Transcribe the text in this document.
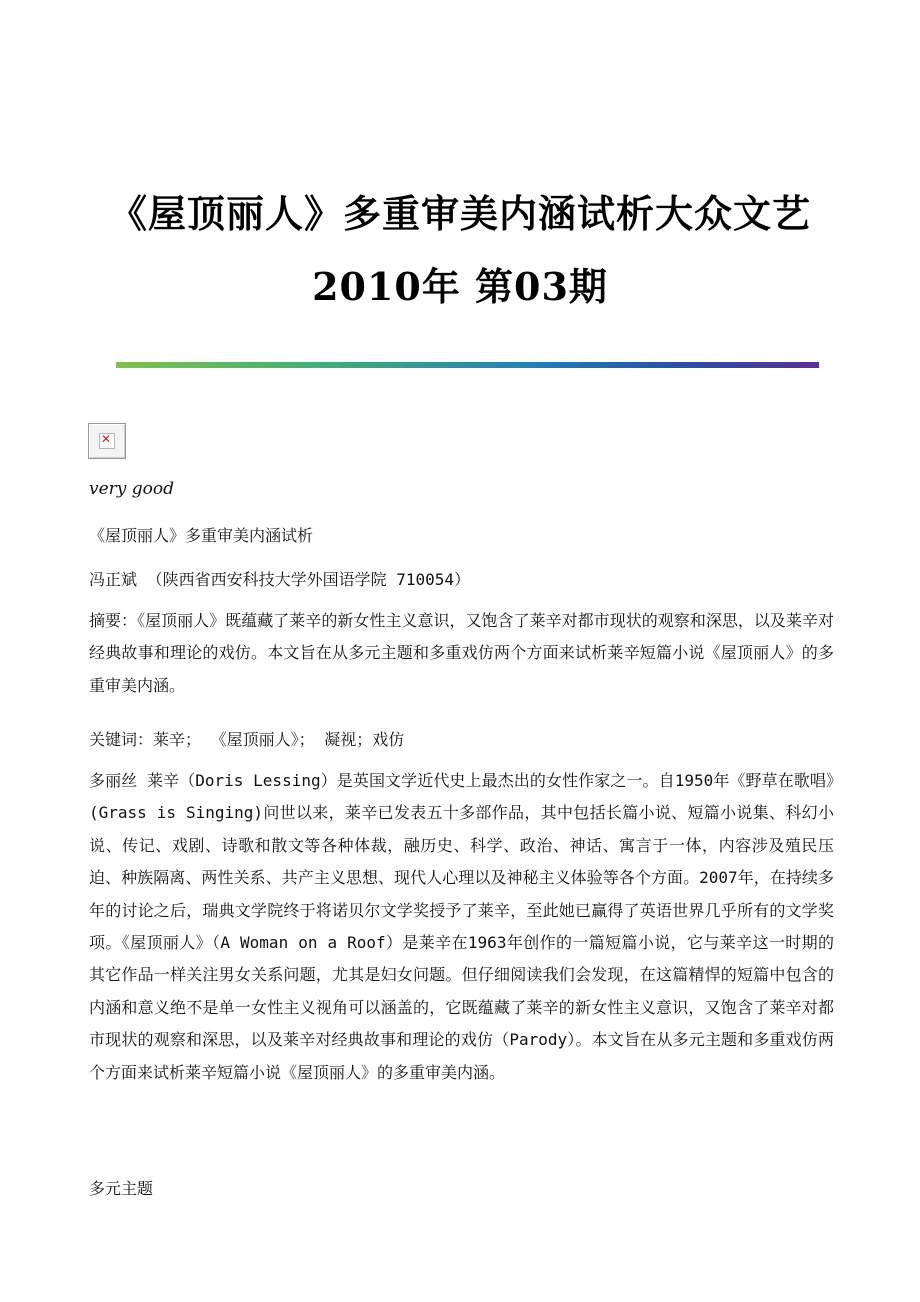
《屋顶丽人》多重审美内涵试析大众文艺
2010年 第03期
✕
very good
《屋顶丽人》多重审美内涵试析
冯正斌 （陕西省西安科技大学外国语学院 710054）
摘要：《屋顶丽人》既蕴藏了莱辛的新女性主义意识，又饱含了莱辛对都市现状的观察和深思，以及莱辛对经典故事和理论的戏仿。本文旨在从多元主题和多重戏仿两个方面来试析莱辛短篇小说《屋顶丽人》的多重审美内涵。
关键词：莱辛； 《屋顶丽人》； 凝视；戏仿
多丽丝 莱辛（Doris Lessing）是英国文学近代史上最杰出的女性作家之一。自1950年《野草在歌唱》(Grass is Singing)问世以来，莱辛已发表五十多部作品，其中包括长篇小说、短篇小说集、科幻小说、传记、戏剧、诗歌和散文等各种体裁，融历史、科学、政治、神话、寓言于一体，内容涉及殖民压迫、种族隔离、两性关系、共产主义思想、现代人心理以及神秘主义体验等各个方面。2007年，在持续多年的讨论之后，瑞典文学院终于将诺贝尔文学奖授予了莱辛，至此她已赢得了英语世界几乎所有的文学奖项。《屋顶丽人》（A Woman on a Roof）是莱辛在1963年创作的一篇短篇小说，它与莱辛这一时期的其它作品一样关注男女关系问题，尤其是妇女问题。但仔细阅读我们会发现，在这篇精悍的短篇中包含的内涵和意义绝不是单一女性主义视角可以涵盖的，它既蕴藏了莱辛的新女性主义意识，又饱含了莱辛对都市现状的观察和深思，以及莱辛对经典故事和理论的戏仿（Parody）。本文旨在从多元主题和多重戏仿两个方面来试析莱辛短篇小说《屋顶丽人》的多重审美内涵。
多元主题
